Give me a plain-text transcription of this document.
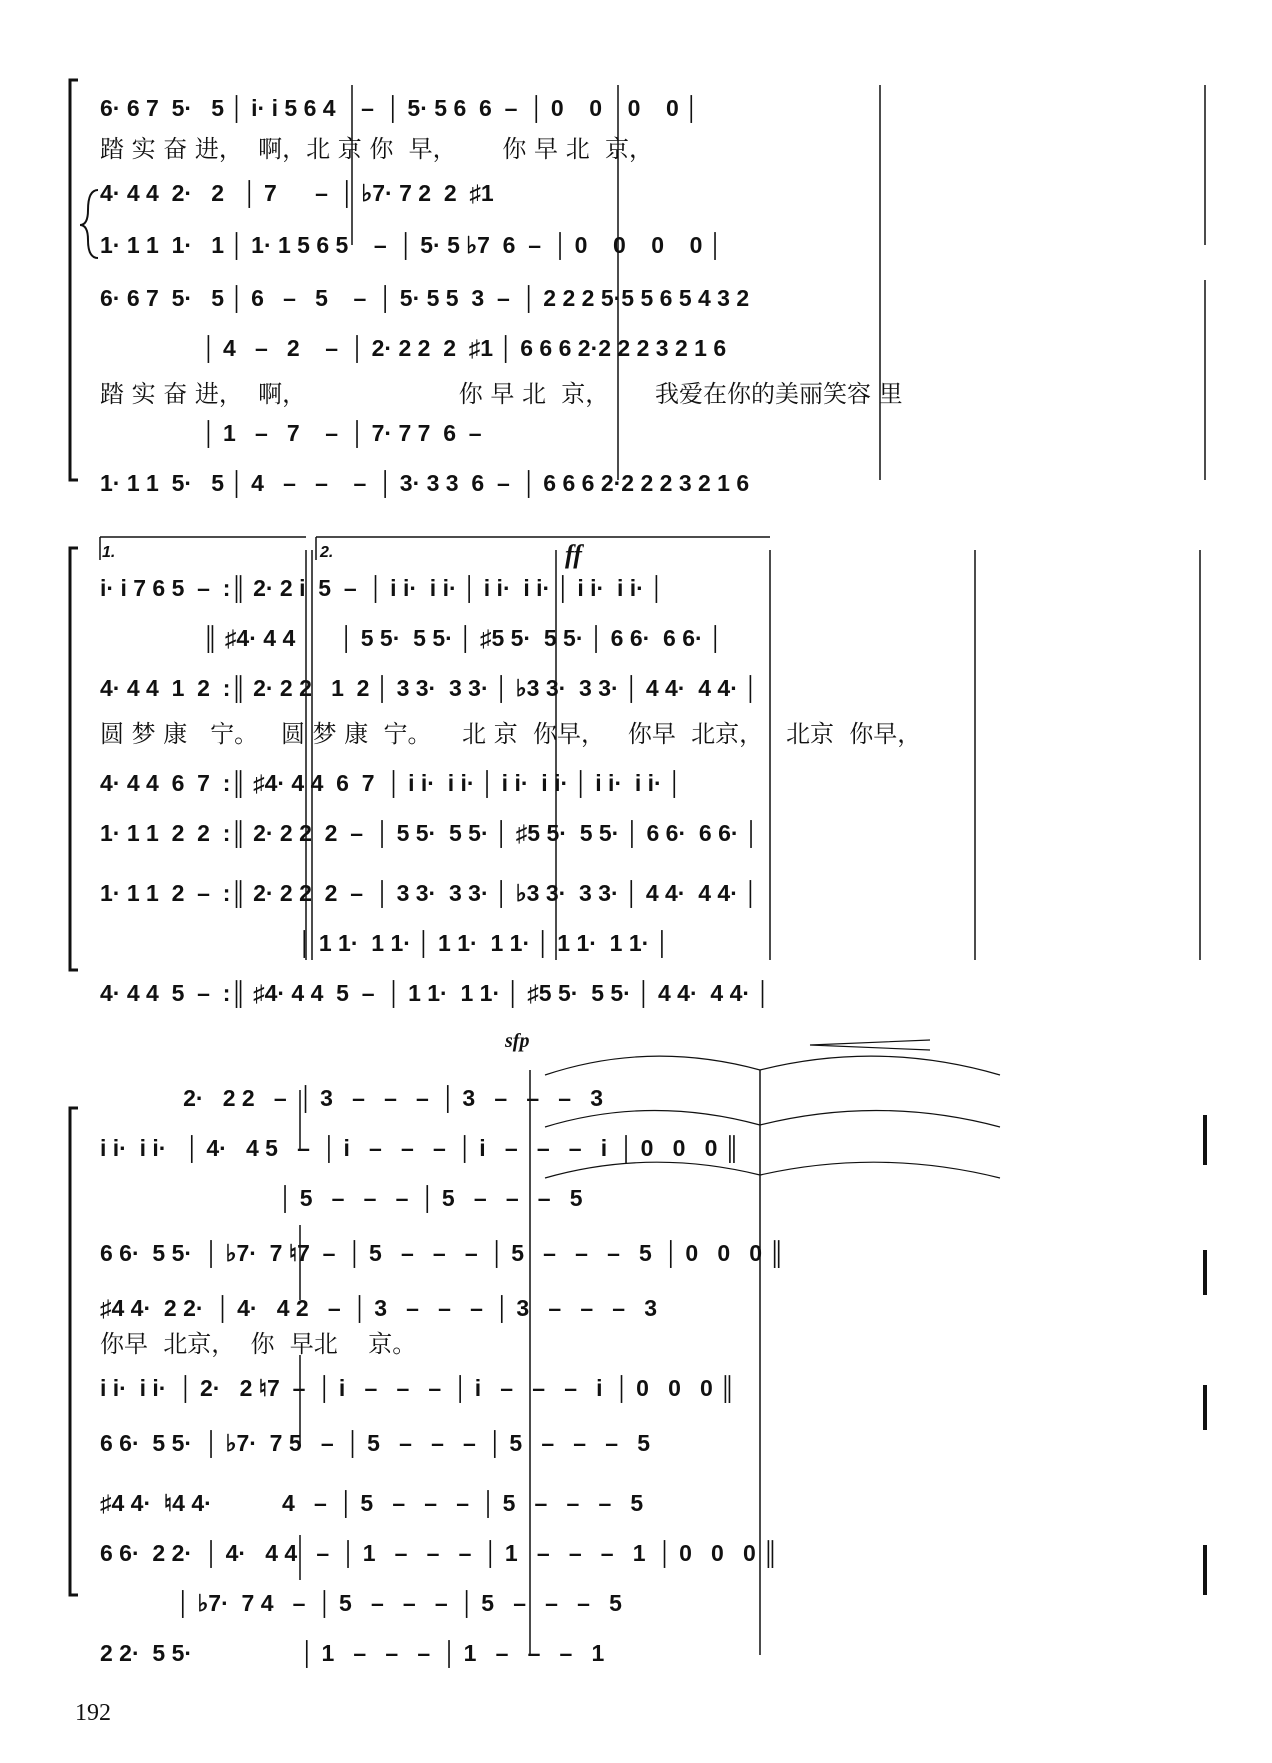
6· 6 7  5·   5 │ i· i 5 6 4    –  │ 5· 5 6  6  –  │ 0    0    0    0 │
踏 实 奋 进，  啊，北 京 你  早，      你 早 北  京，
4· 4 4  2·   2   │ 7      –  │ ♭7· 7 2  2  ♯1
1· 1 1  1·   1 │ 1· 1 5 6 5    –  │ 5· 5 ♭7  6  –  │ 0    0    0    0 │
6· 6 7  5·   5 │ 6   –   5    –  │ 5· 5 5  3  –  │ 2 2 2 5·5 5 6 5 4 3 2
│ 4   –   2    –  │ 2· 2 2  2  ♯1 │ 6 6 6 2·2 2 2 3 2 1 6
踏 实 奋 进，  啊，                    你 早 北  京，      我爱在你的美丽笑容 里
│ 1   –   7    –  │ 7· 7 7  6  –
1· 1 1  5·   5 │ 4   –   –    –  │ 3· 3 3  6  –  │ 6 6 6 2·2 2 2 3 2 1 6
1.	2.	ff
i· i 7 6 5  –  :║ 2· 2 i  5  –  │ i i·  i i· │ i i·  i i· │ i i·  i i· │
║ ♯4· 4 4       │ 5 5·  5 5· │ ♯5 5·  5 5· │ 6 6·  6 6· │
4· 4 4  1  2  :║ 2· 2 2   1  2 │ 3 3·  3 3· │ ♭3 3·  3 3· │ 4 4·  4 4· │
圆 梦 康   宁。   圆 梦 康  宁。    北 京  你早，   你早  北京，   北京  你早，
4· 4 4  6  7  :║ ♯4· 4 4  6  7  │ i i·  i i· │ i i·  i i· │ i i·  i i· │
1· 1 1  2  2  :║ 2· 2 2  2  –  │ 5 5·  5 5· │ ♯5 5·  5 5· │ 6 6·  6 6· │
1· 1 1  2  –  :║ 2· 2 2  2  –  │ 3 3·  3 3· │ ♭3 3·  3 3· │ 4 4·  4 4· │
│ 1 1·  1 1· │ 1 1·  1 1· │ 1 1·  1 1· │
4· 4 4  5  –  :║ ♯4· 4 4  5  –  │ 1 1·  1 1· │ ♯5 5·  5 5· │ 4 4·  4 4· │
sfp
2·   2 2   –  │ 3   –   –   –  │ 3   –   –   –   3
i i·  i i·   │ 4·   4 5   –  │ i   –   –   –  │ i   –   –   –   i  │ 0   0   0 ║
│ 5   –   –   –  │ 5   –   –   –   5
6 6·  5 5·  │ ♭7·  7 ♮7  –  │ 5   –   –   –  │ 5   –   –   –   5  │ 0   0   0 ║
♯4 4·  2 2·  │ 4·   4 2   –  │ 3   –   –   –  │ 3   –   –   –   3
你早  北京，  你  早北    京。
i i·  i i·  │ 2·   2 ♮7  –  │ i   –   –   –  │ i   –   –   –   i  │ 0   0   0 ║
6 6·  5 5·  │ ♭7·  7 5   –  │ 5   –   –   –  │ 5   –   –   –   5
♯4 4·  ♮4 4·           4   –  │ 5   –   –   –  │ 5   –   –   –   5
6 6·  2 2·  │ 4·   4 4   –  │ 1   –   –   –  │ 1   –   –   –   1  │ 0   0   0 ║
│ ♭7·  7 4   –  │ 5   –   –   –  │ 5   –   –   –   5
2 2·  5 5·                 │ 1   –   –   –  │ 1   –   –   –   1
192
